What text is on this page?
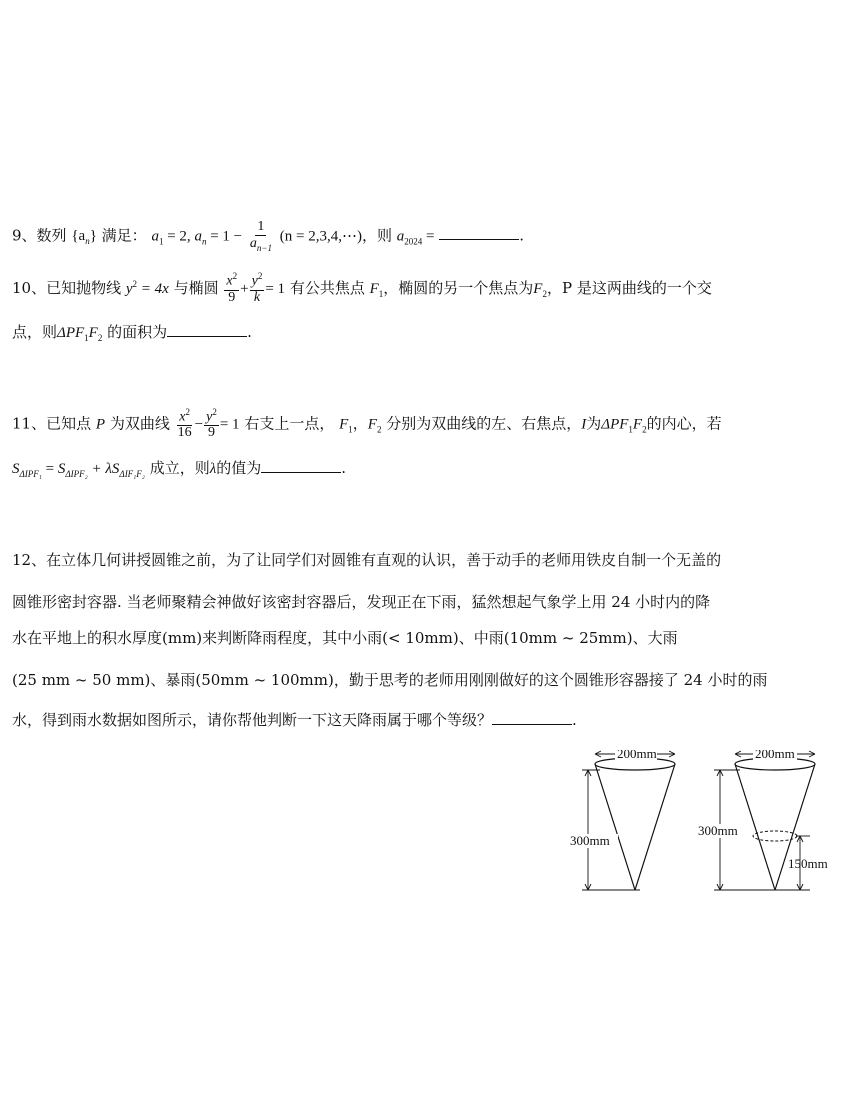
9、数列 $\{a_n\}$ 满足： $a_1 = 2$, $a_n = 1 - \frac{1}{a_{n-1}} (n$ = 2,3,4,⋯)，则 $a_{2024}$ =	.
10、已知抛物线 $y^2 = 4x$ 与椭圆 $\frac{x^2}{9} + \frac{y^2}{k} = 1$ 有公共焦点 $F_1$，椭圆的另一个焦点为$F_2$，P 是这两曲线的一个交
点，则$\Delta PF_1F_2$ 的面积为	.
11、已知点 P 为双曲线 $\frac{x^2}{16} - \frac{y^2}{9} = 1$ 右支上一点， $F_1$，$F_2$ 分别为双曲线的左、右焦点，I为$\Delta PF_1F_2$的内心，若
$S_{\Delta IPF_1} = S_{\Delta IPF_2} + \lambda S_{\Delta IF_1F_2}$ 成立，则λ的值为	.
12、在立体几何讲授圆锥之前，为了让同学们对圆锥有直观的认识，善于动手的老师用铁皮自制一个无盖的
圆锥形密封容器. 当老师聚精会神做好该密封容器后，发现正在下雨，猛然想起气象学上用 24 小时内的降
水在平地上的积水厚度(mm)来判断降雨程度，其中小雨(< 10mm)、中雨(10mm ~ 25mm)、大雨
(25 mm ~ 50 mm)、暴雨(50mm ~ 100mm)，勤于思考的老师用刚刚做好的这个圆锥形容器接了 24 小时的雨
水，得到雨水数据如图所示，请你帮他判断一下这天降雨属于哪个等级？	.
200mm
300mm
200mm
300mm
150mm
